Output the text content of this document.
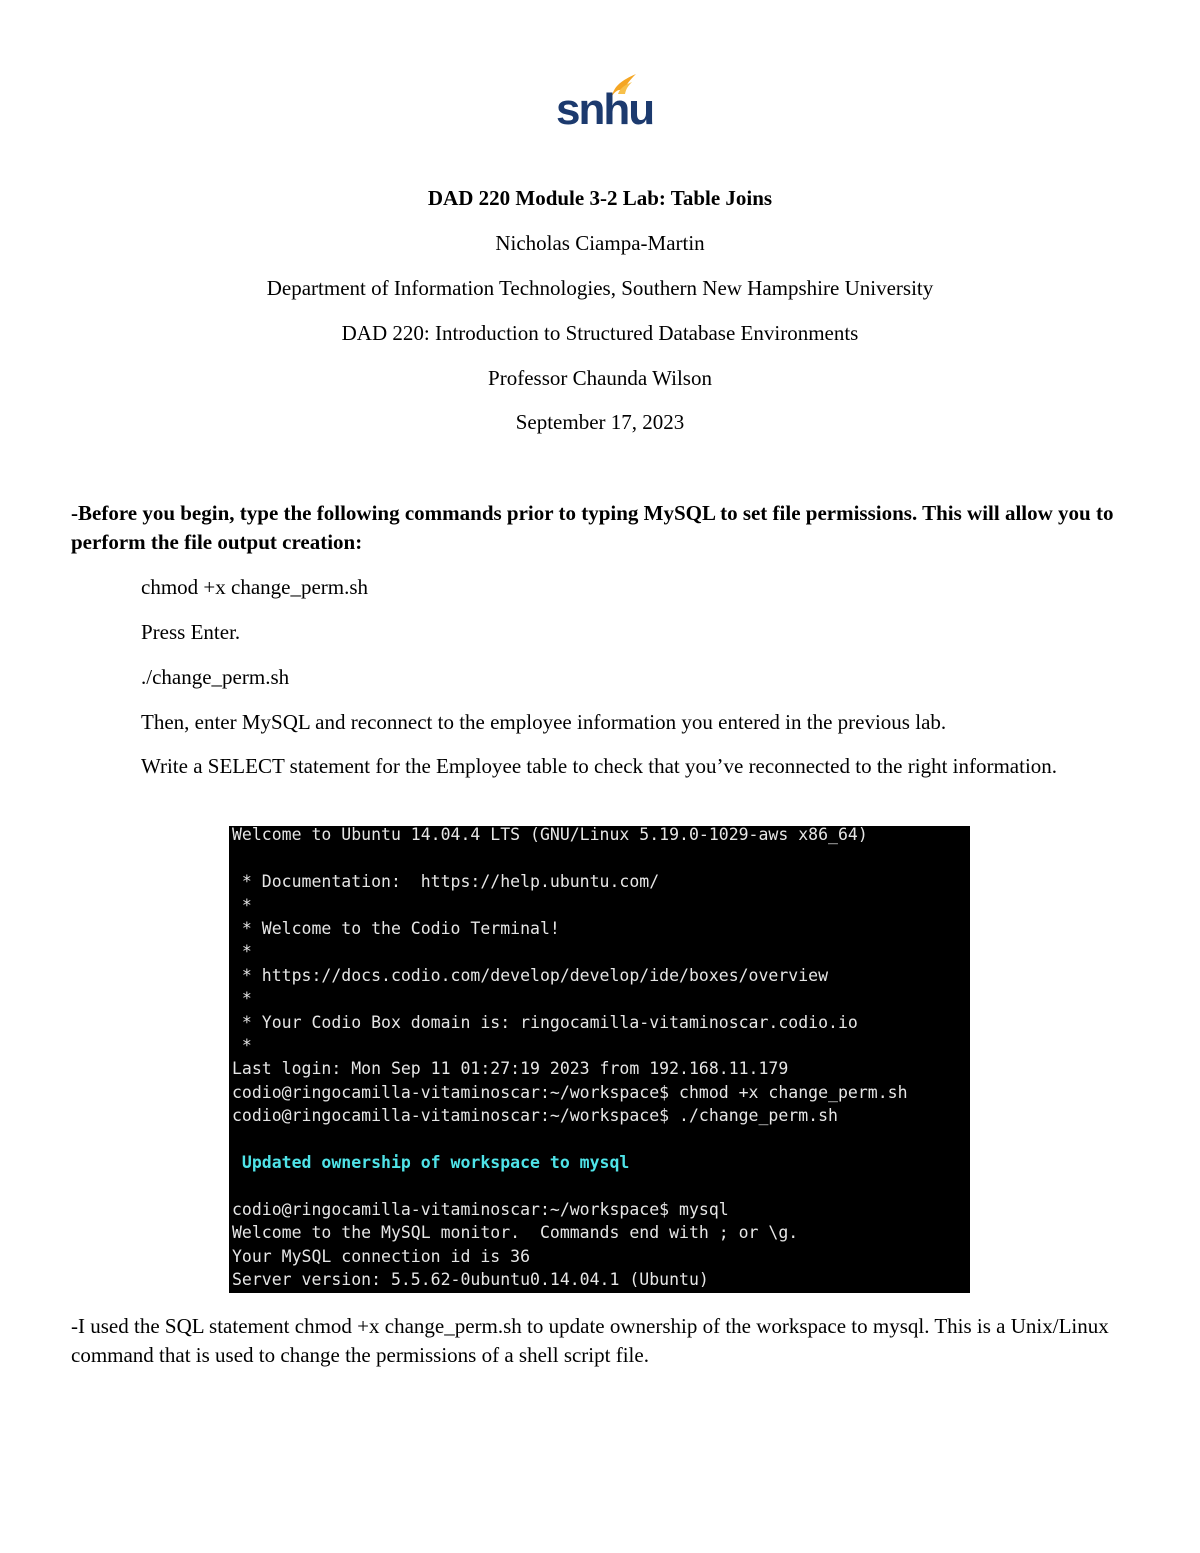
snhu
DAD 220 Module 3-2 Lab: Table Joins
Nicholas Ciampa-Martin
Department of Information Technologies, Southern New Hampshire University
DAD 220: Introduction to Structured Database Environments
Professor Chaunda Wilson
September 17, 2023
-Before you begin, type the following commands prior to typing MySQL to set file permissions. This will allow you to perform the file output creation:
chmod +x change_perm.sh
Press Enter.
./change_perm.sh
Then, enter MySQL and reconnect to the employee information you entered in the previous lab.
Write a SELECT statement for the Employee table to check that you’ve reconnected to the right information.
Welcome to Ubuntu 14.04.4 LTS (GNU/Linux 5.19.0-1029-aws x86_64)
* Documentation:  https://help.ubuntu.com/
*
* Welcome to the Codio Terminal!
*
* https://docs.codio.com/develop/develop/ide/boxes/overview
*
* Your Codio Box domain is: ringocamilla-vitaminoscar.codio.io
*
Last login: Mon Sep 11 01:27:19 2023 from 192.168.11.179
codio@ringocamilla-vitaminoscar:~/workspace$ chmod +x change_perm.sh
codio@ringocamilla-vitaminoscar:~/workspace$ ./change_perm.sh
Updated ownership of workspace to mysql
codio@ringocamilla-vitaminoscar:~/workspace$ mysql
Welcome to the MySQL monitor.  Commands end with ; or \g.
Your MySQL connection id is 36
Server version: 5.5.62-0ubuntu0.14.04.1 (Ubuntu)
-I used the SQL statement chmod +x change_perm.sh to update ownership of the workspace to mysql. This is a Unix/Linux command that is used to change the permissions of a shell script file.
